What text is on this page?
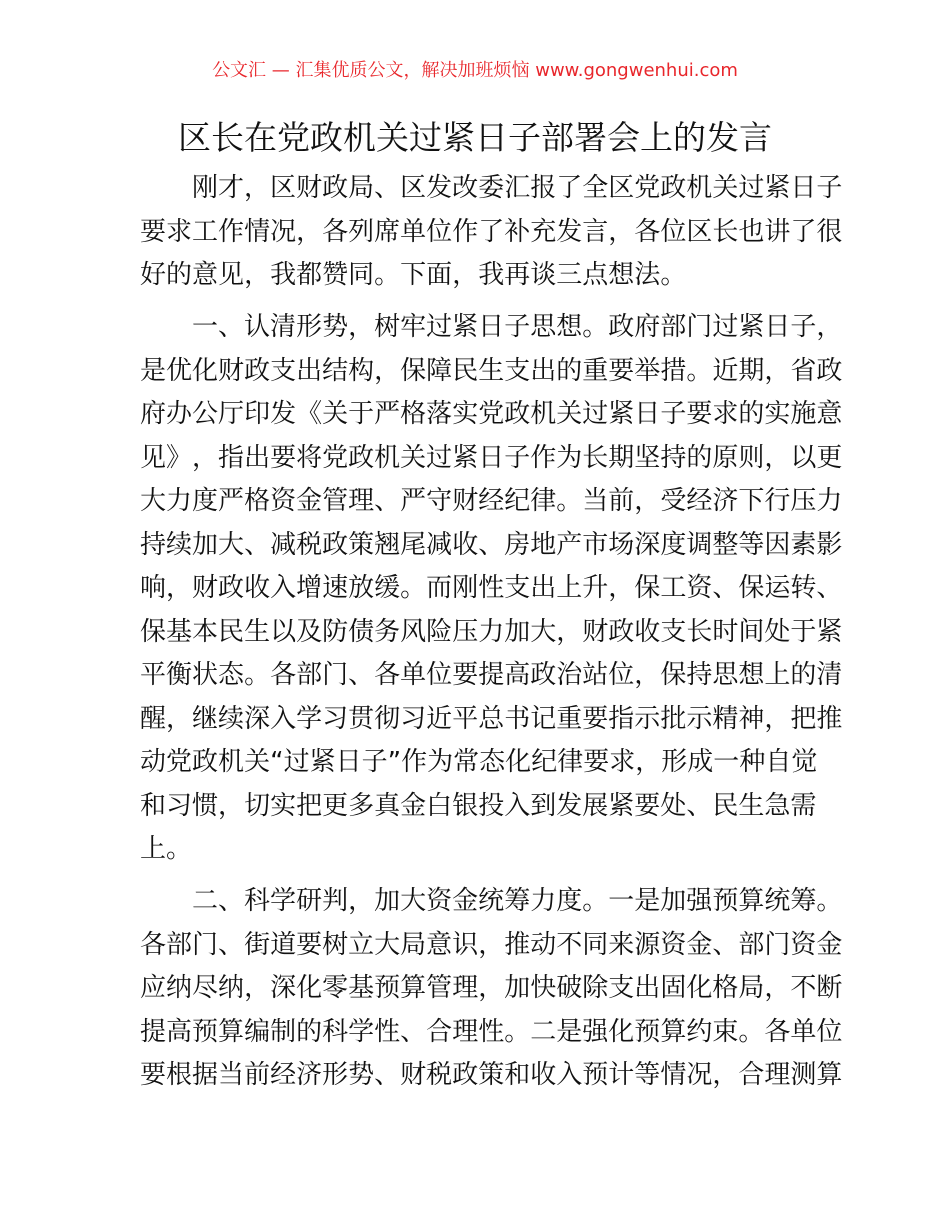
公文汇 — 汇集优质公文，解决加班烦恼 www.gongwenhui.com
区长在党政机关过紧日子部署会上的发言
刚 才 ， 区 财 政 局 、 区 发 改 委 汇 报 了 全 区 党 政 机 关 过 紧 日 子
要 求 工 作 情 况 ， 各 列 席 单 位 作 了 补 充 发 言 ， 各 位 区 长 也 讲 了 很
好 的 意 见 ， 我 都 赞 同 。 下 面 ， 我 再 谈 三 点 想 法 。
一 、 认 清 形 势 ， 树 牢 过 紧 日 子 思 想 。 政 府 部 门 过 紧 日 子 ，
是 优 化 财 政 支 出 结 构 ， 保 障 民 生 支 出 的 重 要 举 措 。 近 期 ， 省 政
府 办 公 厅 印 发 《 关 于 严 格 落 实 党 政 机 关 过 紧 日 子 要 求 的 实 施 意
见 》 ， 指 出 要 将 党 政 机 关 过 紧 日 子 作 为 长 期 坚 持 的 原 则 ， 以 更
大 力 度 严 格 资 金 管 理 、 严 守 财 经 纪 律 。 当 前 ， 受 经 济 下 行 压 力
持 续 加 大 、 减 税 政 策 翘 尾 减 收 、 房 地 产 市 场 深 度 调 整 等 因 素 影
响 ， 财 政 收 入 增 速 放 缓 。 而 刚 性 支 出 上 升 ， 保 工 资 、 保 运 转 、
保 基 本 民 生 以 及 防 债 务 风 险 压 力 加 大 ， 财 政 收 支 长 时 间 处 于 紧
平 衡 状 态 。 各 部 门 、 各 单 位 要 提 高 政 治 站 位 ， 保 持 思 想 上 的 清
醒 ， 继 续 深 入 学 习 贯 彻 习 近 平 总 书 记 重 要 指 示 批 示 精 神 ， 把 推
动 党 政 机 关 “ 过 紧 日 子 ” 作 为 常 态 化 纪 律 要 求 ， 形 成 一 种 自 觉
和 习 惯 ， 切 实 把 更 多 真 金 白 银 投 入 到 发 展 紧 要 处 、 民 生 急 需
上 。
二 、 科 学 研 判 ， 加 大 资 金 统 筹 力 度 。 一 是 加 强 预 算 统 筹 。
各 部 门 、 街 道 要 树 立 大 局 意 识 ， 推 动 不 同 来 源 资 金 、 部 门 资 金
应 纳 尽 纳 ， 深 化 零 基 预 算 管 理 ， 加 快 破 除 支 出 固 化 格 局 ， 不 断
提 高 预 算 编 制 的 科 学 性 、 合 理 性 。 二 是 强 化 预 算 约 束 。 各 单 位
要 根 据 当 前 经 济 形 势 、 财 税 政 策 和 收 入 预 计 等 情 况 ， 合 理 测 算
